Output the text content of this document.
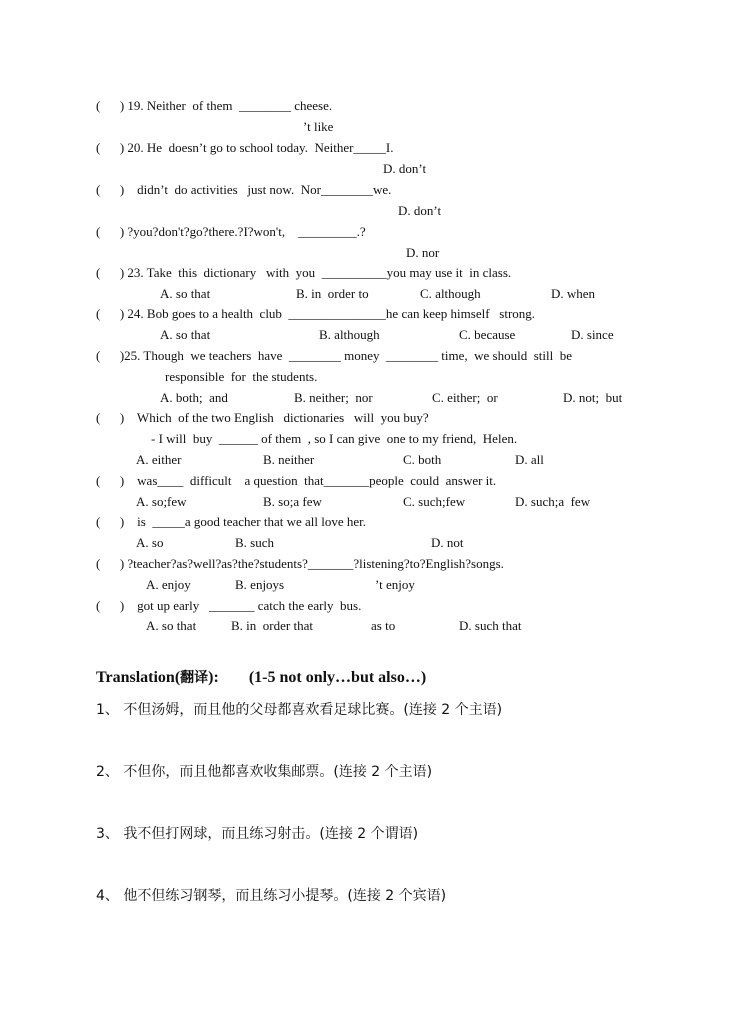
(      ) 19. Neither  of them  ________ cheese.
’t like
(      ) 20. He  doesn’t go to school today.  Neither_____I.
D. don’t
(      )    didn’t  do activities   just now.  Nor________we.
D. don’t
(      ) ?you?don't?go?there.?I?won't,    _________.?
D. nor
(      ) 23. Take  this  dictionary   with  you  __________you may use it  in class.
A. so that	B. in  order to	C. although	D. when
(      ) 24. Bob goes to a health  club  _______________he can keep himself   strong.
A. so that	B. although	C. because	D. since
(      )25. Though  we teachers  have  ________ money  ________ time,  we should  still  be
responsible  for  the students.
A. both;  and	B. neither;  nor	C. either;  or	D. not;  but
(      )    Which  of the two English   dictionaries   will  you buy?
- I will  buy  ______ of them  , so I can give  one to my friend,  Helen.
A. either	B. neither	C. both	D. all
(      )    was____  difficult    a question  that_______people  could  answer it.
A. so;few	B. so;a few	C. such;few	D. such;a  few
(      )    is  _____a good teacher that we all love her.
A. so	B. such	D. not
(      ) ?teacher?as?well?as?the?students?_______?listening?to?English?songs.
A. enjoy	B. enjoys	’t enjoy
(      )    got up early   _______ catch the early  bus.
A. so that	B. in  order that	as to	D. such that
Translation(翻译): (1-5 not only…but also…)
1、 不但汤姆，而且他的父母都喜欢看足球比赛。(连接 2 个主语)
2、 不但你，而且他都喜欢收集邮票。(连接 2 个主语)
3、 我不但打网球，而且练习射击。(连接 2 个谓语)
4、 他不但练习钢琴，而且练习小提琴。(连接 2 个宾语)
